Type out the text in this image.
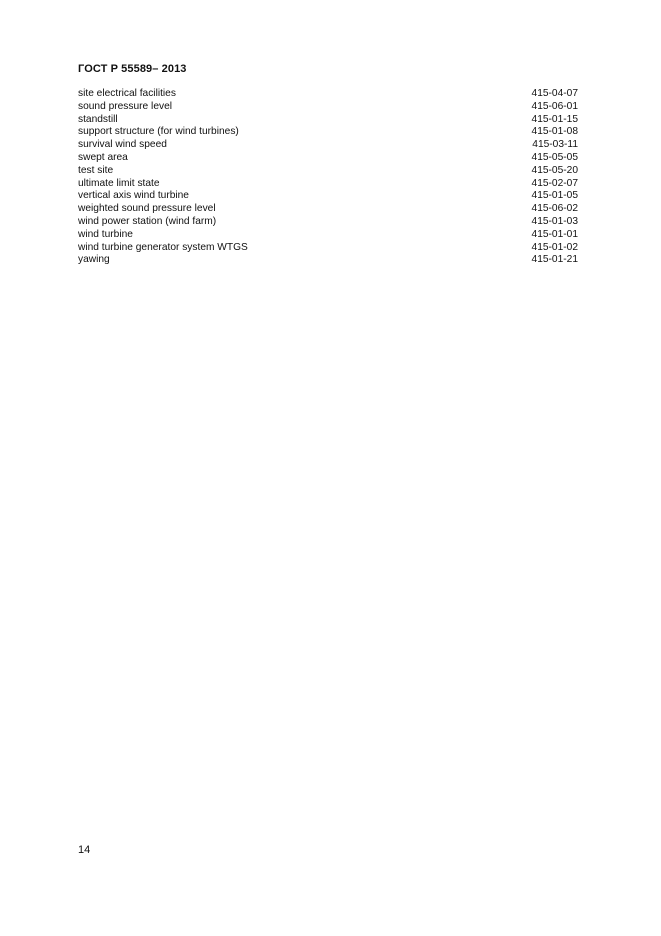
ГОСТ Р 55589– 2013
site electrical facilities	415-04-07
sound pressure level	415-06-01
standstill	415-01-15
support structure (for wind turbines)	415-01-08
survival wind speed	415-03-11
swept area	415-05-05
test site	415-05-20
ultimate limit state	415-02-07
vertical axis wind turbine	415-01-05
weighted sound pressure level	415-06-02
wind power station (wind farm)	415-01-03
wind turbine	415-01-01
wind turbine generator system WTGS	415-01-02
yawing	415-01-21
14
